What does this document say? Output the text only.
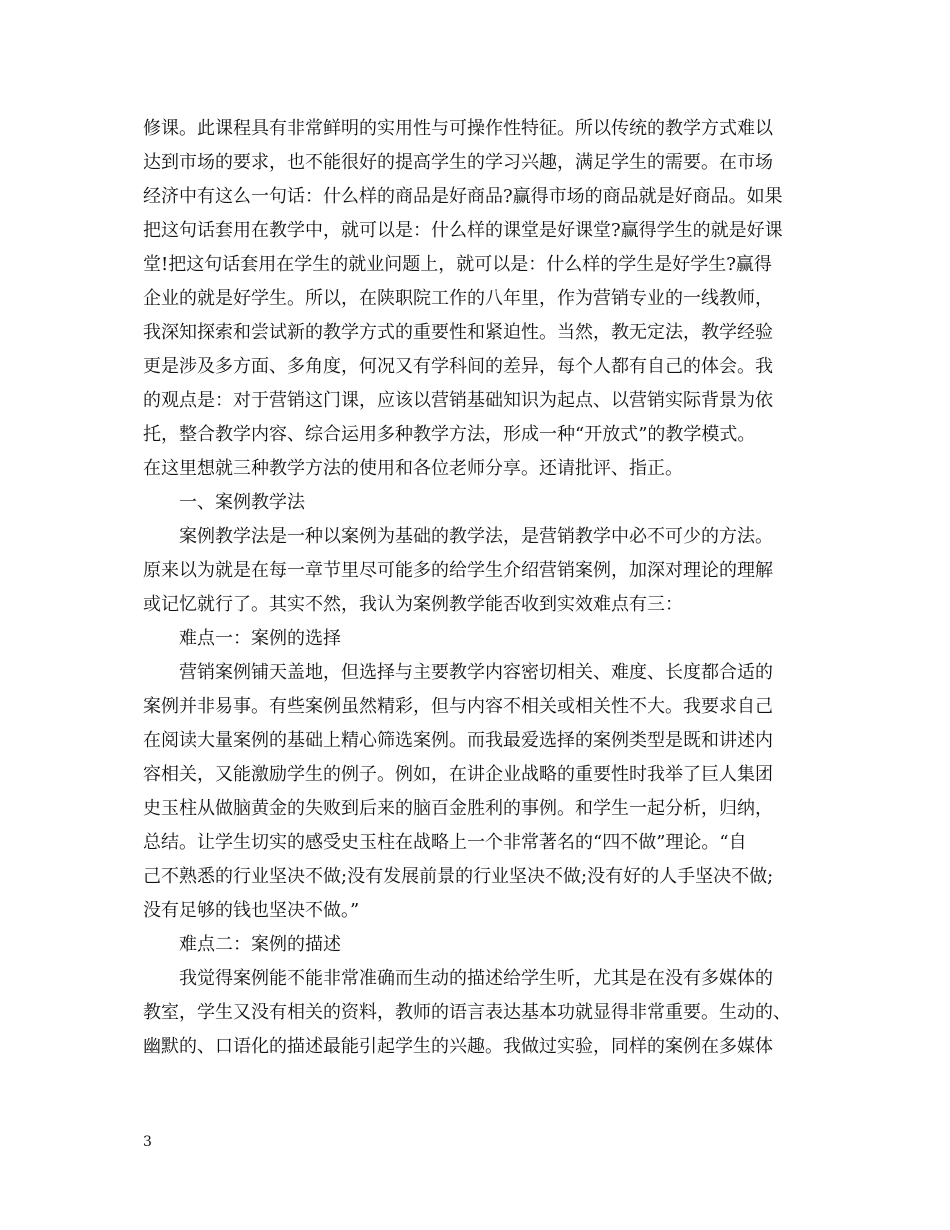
修课。此课程具有非常鲜明的实用性与可操作性特征。所以传统的教学方式难以
达到市场的要求，也不能很好的提高学生的学习兴趣，满足学生的需要。在市场
经济中有这么一句话：什么样的商品是好商品?赢得市场的商品就是好商品。如果
把这句话套用在教学中，就可以是：什么样的课堂是好课堂?赢得学生的就是好课
堂!把这句话套用在学生的就业问题上，就可以是：什么样的学生是好学生?赢得
企业的就是好学生。所以，在陕职院工作的八年里，作为营销专业的一线教师，
我深知探索和尝试新的教学方式的重要性和紧迫性。当然，教无定法，教学经验
更是涉及多方面、多角度，何况又有学科间的差异，每个人都有自己的体会。我
的观点是：对于营销这门课，应该以营销基础知识为起点、以营销实际背景为依
托，整合教学内容、综合运用多种教学方法，形成一种“开放式”的教学模式。
在这里想就三种教学方法的使用和各位老师分享。还请批评、指正。
　　一、案例教学法
　　案例教学法是一种以案例为基础的教学法，是营销教学中必不可少的方法。
原来以为就是在每一章节里尽可能多的给学生介绍营销案例，加深对理论的理解
或记忆就行了。其实不然，我认为案例教学能否收到实效难点有三：
　　难点一：案例的选择
　　营销案例铺天盖地，但选择与主要教学内容密切相关、难度、长度都合适的
案例并非易事。有些案例虽然精彩，但与内容不相关或相关性不大。我要求自己
在阅读大量案例的基础上精心筛选案例。而我最爱选择的案例类型是既和讲述内
容相关，又能激励学生的例子。例如，在讲企业战略的重要性时我举了巨人集团
史玉柱从做脑黄金的失败到后来的脑百金胜利的事例。和学生一起分析，归纳，
总结。让学生切实的感受史玉柱在战略上一个非常著名的“四不做”理论。“自
己不熟悉的行业坚决不做;没有发展前景的行业坚决不做;没有好的人手坚决不做;
没有足够的钱也坚决不做。”
　　难点二：案例的描述
　　我觉得案例能不能非常准确而生动的描述给学生听，尤其是在没有多媒体的
教室，学生又没有相关的资料，教师的语言表达基本功就显得非常重要。生动的、
幽默的、口语化的描述最能引起学生的兴趣。我做过实验，同样的案例在多媒体
3
